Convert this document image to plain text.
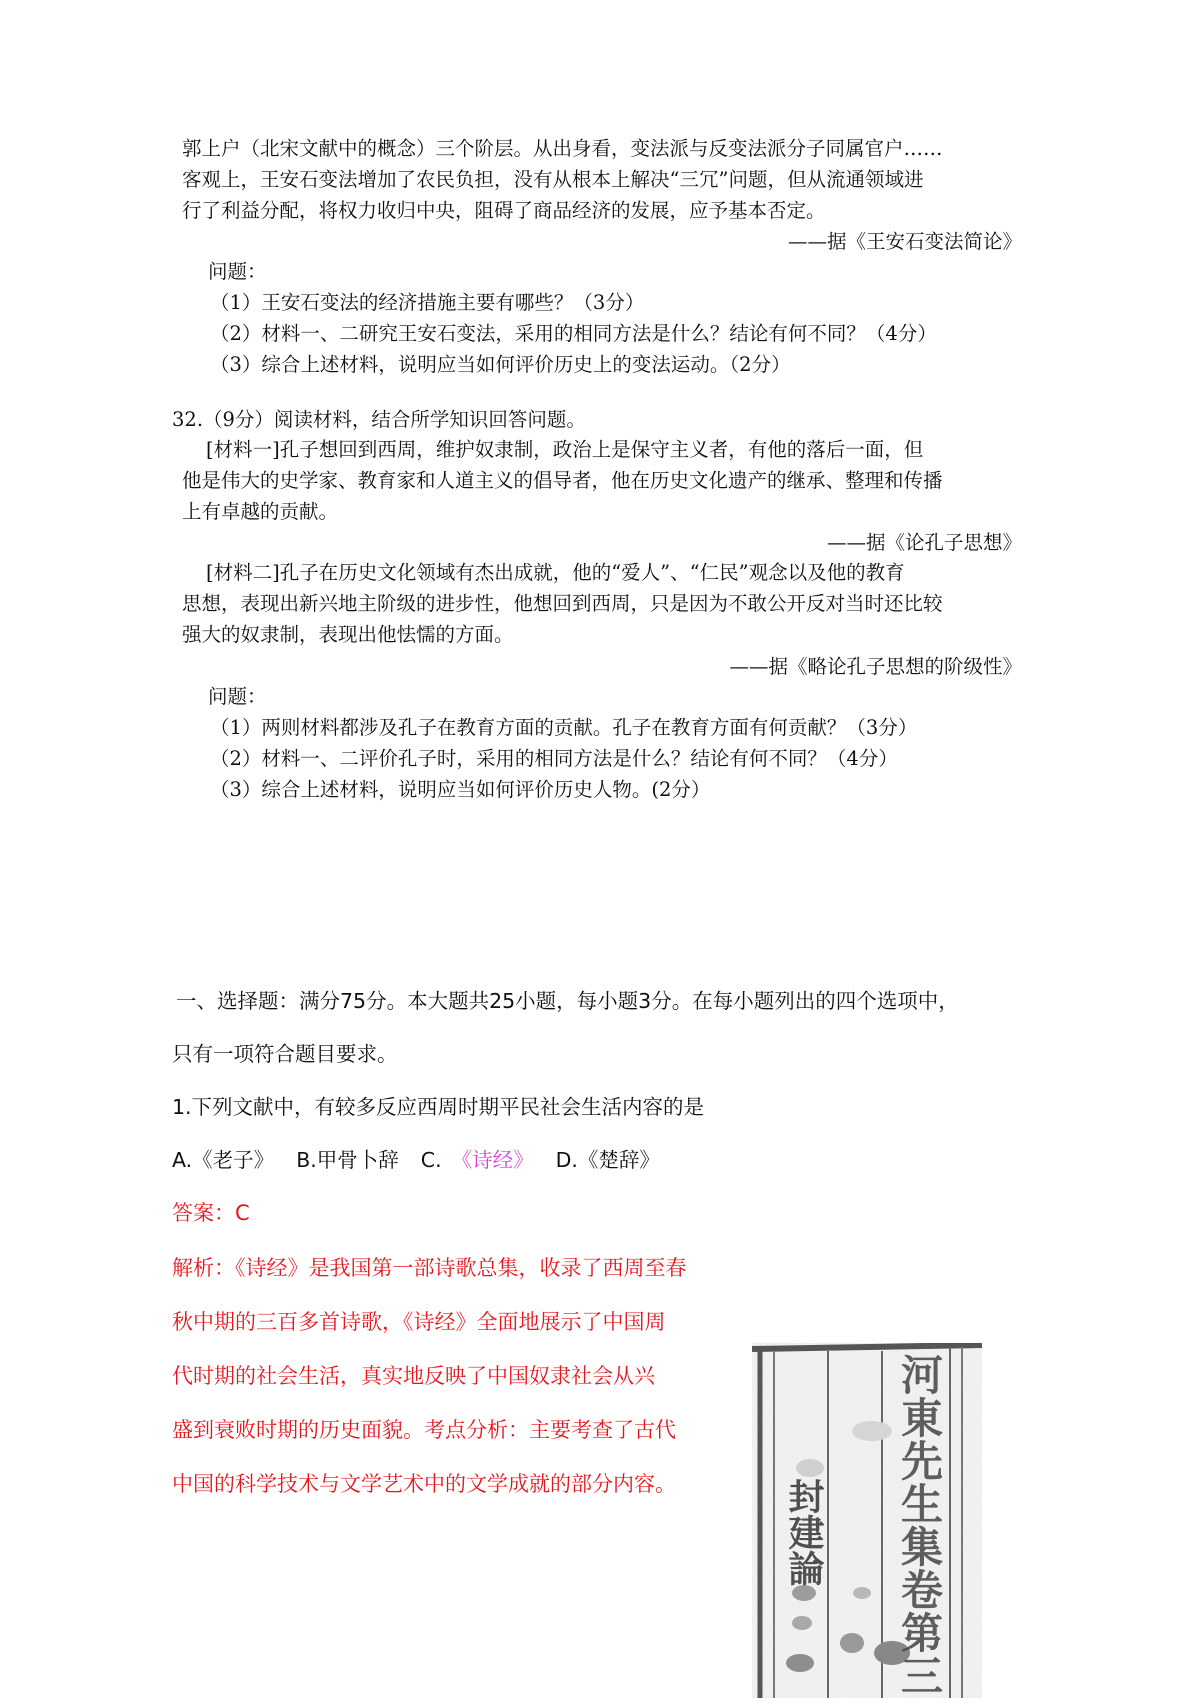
郭上户（北宋文献中的概念）三个阶层。从出身看，变法派与反变法派分子同属官户……
客观上，王安石变法增加了农民负担，没有从根本上解决“三冗”问题，但从流通领域进
行了利益分配，将权力收归中央，阻碍了商品经济的发展，应予基本否定。
——据《王安石变法简论》
问题：
（1）王安石变法的经济措施主要有哪些？（3分）
（2）材料一、二研究王安石变法，采用的相同方法是什么？结论有何不同？（4分）
（3）综合上述材料，说明应当如何评价历史上的变法运动。（2分）
32.（9分）阅读材料，结合所学知识回答问题。
[材料一]孔子想回到西周，维护奴隶制，政治上是保守主义者，有他的落后一面，但
他是伟大的史学家、教育家和人道主义的倡导者，他在历史文化遗产的继承、整理和传播
上有卓越的贡献。
——据《论孔子思想》
[材料二]孔子在历史文化领域有杰出成就，他的“爱人”、“仁民”观念以及他的教育
思想，表现出新兴地主阶级的进步性，他想回到西周，只是因为不敢公开反对当时还比较
强大的奴隶制，表现出他怯懦的方面。
——据《略论孔子思想的阶级性》
问题：
（1）两则材料都涉及孔子在教育方面的贡献。孔子在教育方面有何贡献？（3分）
（2）材料一、二评价孔子时，采用的相同方法是什么？结论有何不同？（4分）
（3）综合上述材料，说明应当如何评价历史人物。(2分）
一、选择题：满分75分。本大题共25小题，每小题3分。在每小题列出的四个选项中，
只有一项符合题目要求。
1.下列文献中，有较多反应西周时期平民社会生活内容的是
A.《老子》 B.甲骨卜辞 C. 《诗经》 D.《楚辞》
答案：C
解析：《诗经》是我国第一部诗歌总集，收录了西周至春
秋中期的三百多首诗歌，《诗经》全面地展示了中国周
代时期的社会生活，真实地反映了中国奴隶社会从兴
盛到衰败时期的历史面貌。考点分析：主要考查了古代
中国的科学技术与文学艺术中的文学成就的部分内容。	河東先生集卷第三
封建論
